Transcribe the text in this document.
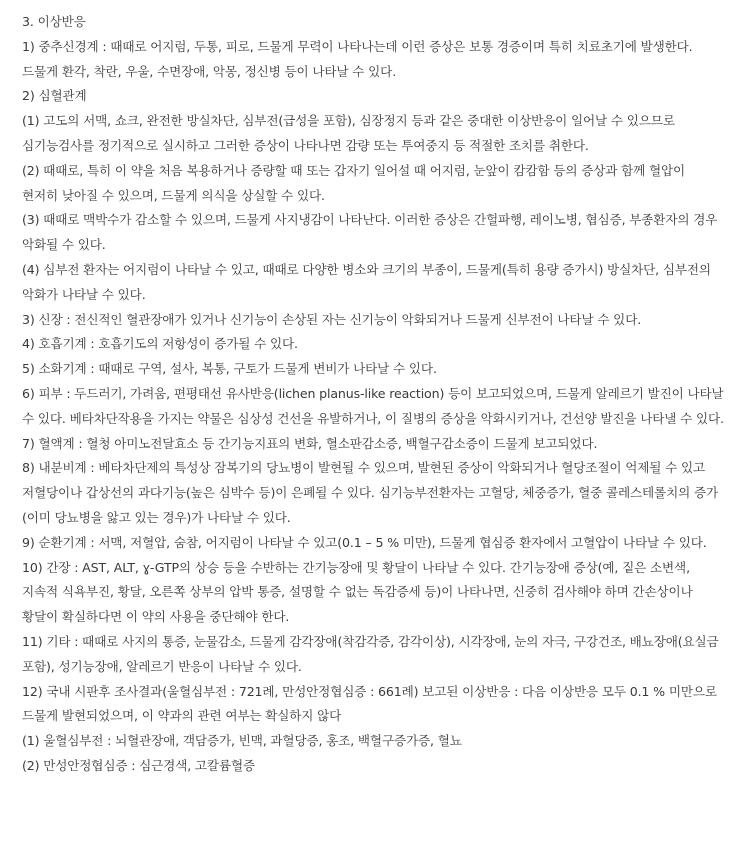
3. 이상반응

1) 중추신경계 : 때때로 어지럼, 두통, 피로, 드물게 무력이 나타나는데 이런 증상은 보통 경증이며 특히 치료초기에 발생한다. 드물게 환각, 착란, 우울, 수면장애, 악몽, 정신병 등이 나타날 수 있다.

2) 심혈관계

(1) 고도의 서맥, 쇼크, 완전한 방실차단, 심부전(급성을 포함), 심장정지 등과 같은 중대한 이상반응이 일어날 수 있으므로 심기능검사를 정기적으로 실시하고 그러한 증상이 나타나면 감량 또는 투여중지 등 적절한 조치를 취한다.

(2) 때때로, 특히 이 약을 처음 복용하거나 증량할 때 또는 갑자기 일어설 때 어지럼, 눈앞이 캄캄함 등의 증상과 함께 혈압이 현저히 낮아질 수 있으며, 드물게 의식을 상실할 수 있다.

(3) 때때로 맥박수가 감소할 수 있으며, 드물게 사지냉감이 나타난다. 이러한 증상은 간헐파행, 레이노병, 협심증, 부종환자의 경우 악화될 수 있다.

(4) 심부전 환자는 어지럼이 나타날 수 있고, 때때로 다양한 병소와 크기의 부종이, 드물게(특히 용량 증가시) 방실차단, 심부전의 악화가 나타날 수 있다.

3) 신장 : 전신적인 혈관장애가 있거나 신기능이 손상된 자는 신기능이 악화되거나 드물게 신부전이 나타날 수 있다.

4) 호흡기계 : 호흡기도의 저항성이 증가될 수 있다.

5) 소화기계 : 때때로 구역, 설사, 복통, 구토가 드물게 변비가 나타날 수 있다.

6) 피부 : 두드러기, 가려움, 편평태선 유사반응(lichen planus-like reaction) 등이 보고되었으며, 드물게 알레르기 발진이 나타날 수 있다. 베타차단작용을 가지는 약물은 심상성 건선을 유발하거나, 이 질병의 증상을 악화시키거나, 건선양 발진을 나타낼 수 있다.

7) 혈액계 : 혈청 아미노전달효소 등 간기능지표의 변화, 혈소판감소증, 백혈구감소증이 드물게 보고되었다.

8) 내분비계 : 베타차단제의 특성상 잠복기의 당뇨병이 발현될 수 있으며, 발현된 증상이 악화되거나 혈당조절이 억제될 수 있고 저혈당이나 갑상선의 과다기능(높은 심박수 등)이 은폐될 수 있다. 심기능부전환자는 고혈당, 체중증가, 혈중 콜레스테롤치의 증가(이미 당뇨병을 앓고 있는 경우)가 나타날 수 있다.

9) 순환기계 : 서맥, 저혈압, 숨참, 어지럼이 나타날 수 있고(0.1 – 5 % 미만), 드물게 협심증 환자에서 고혈압이 나타날 수 있다.

10) 간장 : AST, ALT, ɣ-GTP의 상승 등을 수반하는 간기능장애 및 황달이 나타날 수 있다. 간기능장애 증상(예, 짙은 소변색, 지속적 식욕부진, 황달, 오른쪽 상부의 압박 통증, 설명할 수 없는 독감증세 등)이 나타나면, 신중히 검사해야 하며 간손상이나 황달이 확실하다면 이 약의 사용을 중단해야 한다.

11) 기타 : 때때로 사지의 통증, 눈물감소, 드물게 감각장애(착감각증, 감각이상), 시각장애, 눈의 자극, 구강건조, 배뇨장애(요실금 포함), 성기능장애, 알레르기 반응이 나타날 수 있다.

12) 국내 시판후 조사결과(울혈심부전 : 721례, 만성안정협심증 : 661례) 보고된 이상반응 : 다음 이상반응 모두 0.1 % 미만으로 드물게 발현되었으며, 이 약과의 관련 여부는 확실하지 않다

(1) 울혈심부전 : 뇌혈관장애, 객담증가, 빈맥, 과혈당증, 홍조, 백혈구증가증, 혈뇨

(2) 만성안정협심증 : 심근경색, 고칼륨혈증
